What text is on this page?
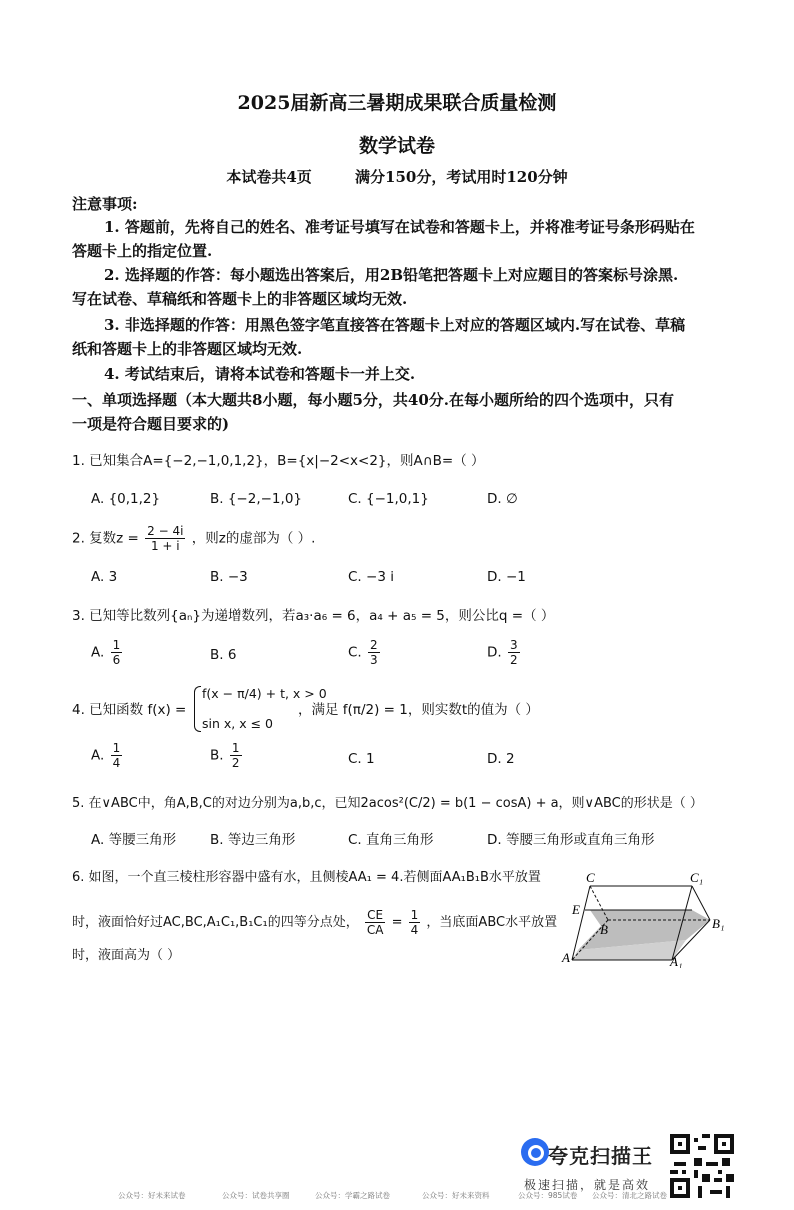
2025届新高三暑期成果联合质量检测
数学试卷
本试卷共4页	满分150分，考试用时120分钟
注意事项:
1. 答题前，先将自己的姓名、准考证号填写在试卷和答题卡上，并将准考证号条形码贴在
答题卡上的指定位置.
2. 选择题的作答：每小题选出答案后，用2B铅笔把答题卡上对应题目的答案标号涂黑.
写在试卷、草稿纸和答题卡上的非答题区域均无效.
3. 非选择题的作答：用黑色签字笔直接答在答题卡上对应的答题区域内.写在试卷、草稿
纸和答题卡上的非答题区域均无效.
4. 考试结束后，请将本试卷和答题卡一并上交.
一、单项选择题（本大题共8小题，每小题5分，共40分.在每小题所给的四个选项中，只有
一项是符合题目要求的)
1. 已知集合A={−2,−1,0,1,2}，B={x|−2<x<2}，则A∩B=（ ）
A. {0,1,2}	B. {−2,−1,0}	C. {−1,0,1}	D. ∅
2. 复数$z = \frac{2 - 4i}{1 + i}$ ，则z的虚部为（ ）.
A. 3	B. −3	C. −3 i	D. −1
3. 已知等比数列{aₙ}为递增数列，若a₃·a₆ = 6，a₄ + a₅ = 5，则公比q =（ ）
A. $\frac{1}{6}$	B. 6	C. $\frac{2}{3}$	D. $\frac{3}{2}$
4. 已知函数 f(x) =
f(x − π/4) + t, x > 0
sin x, x ≤ 0
，满足 f(π/2) = 1，则实数t的值为（ ）
A. $\frac{1}{4}$	B. $\frac{1}{2}$	C. 1	D. 2
5. 在∨ABC中，角A,B,C的对边分别为a,b,c，已知2acos²(C/2) = b(1 − cosA) + a，则∨ABC的形状是（ ）
A. 等腰三角形	B. 等边三角形	C. 直角三角形	D. 等腰三角形或直角三角形
6. 如图，一个直三棱柱形容器中盛有水，且侧棱AA₁ = 4.若侧面AA₁B₁B水平放置
时，液面恰好过AC,BC,A₁C₁,B₁C₁的四等分点处， $\frac{CE}{CA} = \frac{1}{4}$ ，当底面ABC水平放置
时，液面高为（ ）
C	C₁
E
B	B₁
A	A₁
夸克扫描王
极速扫描，就是高效
公众号：好未来试卷	公众号：试卷共享圈	公众号：学霸之路试卷	公众号：好未来资料	公众号：985试卷 公众号：清北之路试卷
